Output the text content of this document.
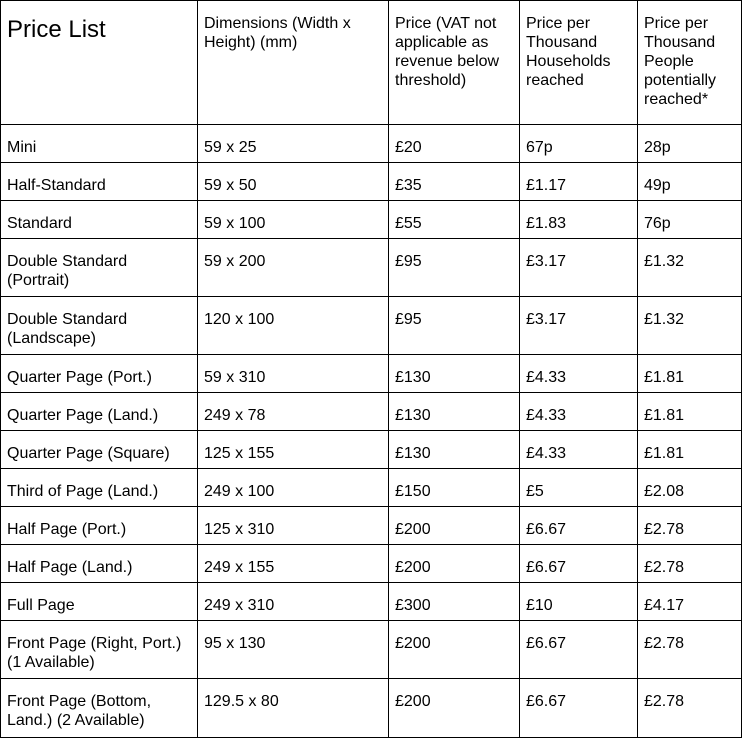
Price List	Dimensions (Width x Height) (mm)	Price (VAT not applicable as revenue below threshold)	Price per Thousand Households reached	Price per Thousand People potentially reached*
Mini	59 x 25	£20	67p	28p
Half-Standard	59 x 50	£35	£1.17	49p
Standard	59 x 100	£55	£1.83	76p
Double Standard (Portrait)	59 x 200	£95	£3.17	£1.32
Double Standard (Landscape)	120 x 100	£95	£3.17	£1.32
Quarter Page (Port.)	59 x 310	£130	£4.33	£1.81
Quarter Page (Land.)	249 x 78	£130	£4.33	£1.81
Quarter Page (Square)	125 x 155	£130	£4.33	£1.81
Third of Page (Land.)	249 x 100	£150	£5	£2.08
Half Page (Port.)	125 x 310	£200	£6.67	£2.78
Half Page (Land.)	249 x 155	£200	£6.67	£2.78
Full Page	249 x 310	£300	£10	£4.17
Front Page (Right, Port.) (1 Available)	95 x 130	£200	£6.67	£2.78
Front Page (Bottom, Land.) (2 Available)	129.5 x 80	£200	£6.67	£2.78
